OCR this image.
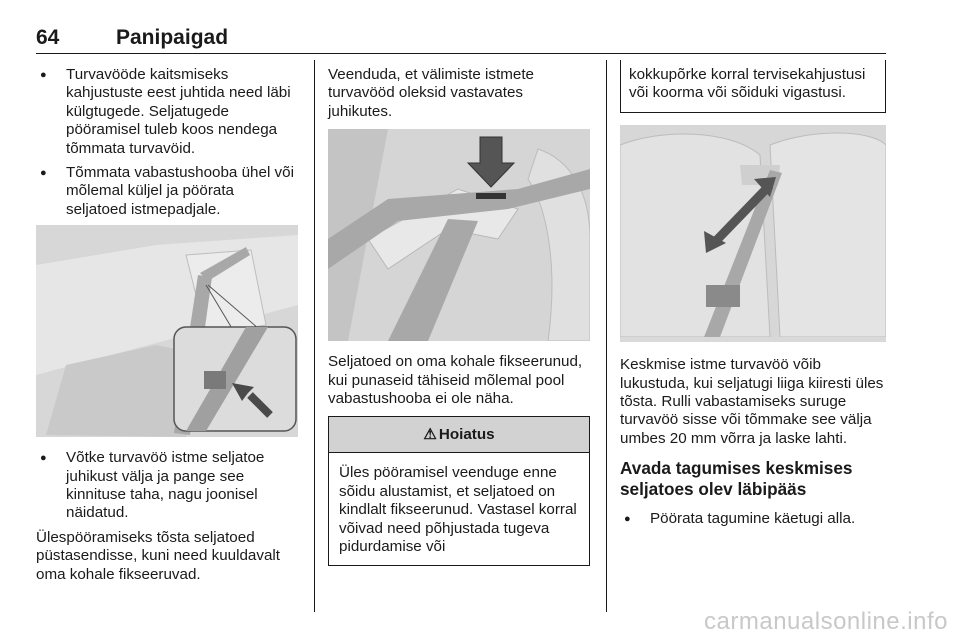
64	Panipaigad
● Turvavööde kaitsmiseks kahjustuste eest juhtida need läbi külgtugede. Seljatugede pööramisel tuleb koos nendega tõmmata turvavöid.
● Tõmmata vabastushooba ühel või mõlemal küljel ja pöörata seljatoed istmepadjale.
● Võtke turvavöö istme seljatoe juhikust välja ja pange see kinnituse taha, nagu joonisel näidatud.
Ülespööramiseks tõsta seljatoed püstasendisse, kuni need kuuldavalt oma kohale fikseeruvad.
Veenduda, et välimiste istmete turvavööd oleksid vastavates juhikutes.
Seljatoed on oma kohale fikseerunud, kui punaseid tähiseid mõlemal pool vabastushooba ei ole näha.
⚠ Hoiatus
Üles pööramisel veenduge enne sõidu alustamist, et seljatoed on kindlalt fikseerunud. Vastasel korral võivad need põhjustada tugeva pidurdamise või
kokkupõrke korral tervisekahjustusi või koorma või sõiduki vigastusi.
Keskmise istme turvavöö võib lukustuda, kui seljatugi liiga kiiresti üles tõsta. Rulli vabastamiseks suruge turvavöö sisse või tõmmake see välja umbes 20 mm võrra ja laske lahti.
Avada tagumises keskmises seljatoes olev läbipääs
● Pöörata tagumine käetugi alla.
carmanualsonline.info
